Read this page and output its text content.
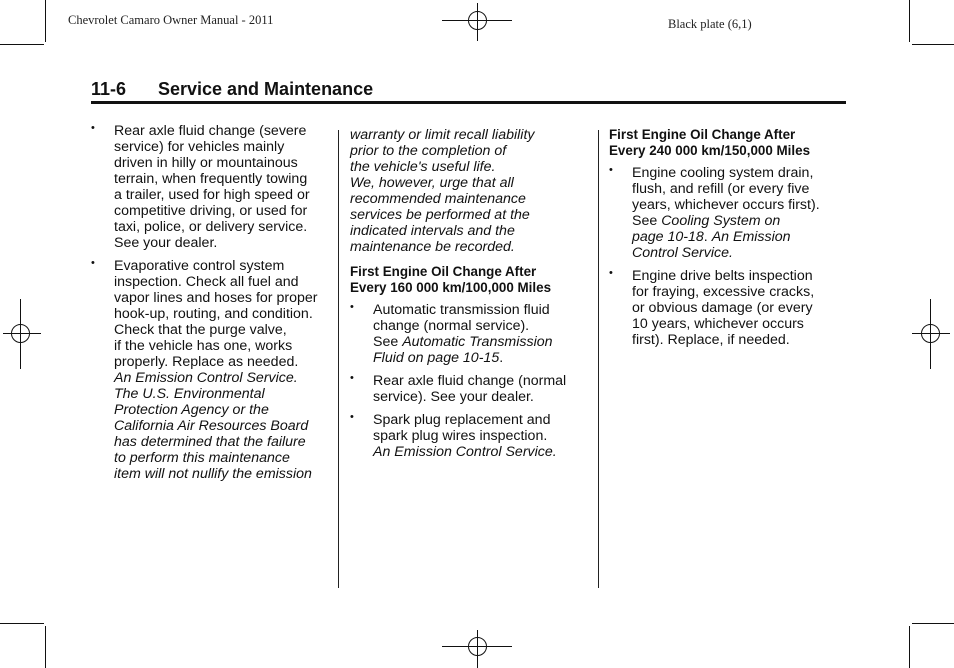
Chevrolet Camaro Owner Manual - 2011	Black plate (6,1)
11-6 Service and Maintenance
• Rear axle fluid change (severe
service) for vehicles mainly
driven in hilly or mountainous
terrain, when frequently towing
a trailer, used for high speed or
competitive driving, or used for
taxi, police, or delivery service.
See your dealer.
• Evaporative control system
inspection. Check all fuel and
vapor lines and hoses for proper
hook-up, routing, and condition.
Check that the purge valve,
if the vehicle has one, works
properly. Replace as needed.
An Emission Control Service.
The U.S. Environmental
Protection Agency or the
California Air Resources Board
has determined that the failure
to perform this maintenance
item will not nullify the emission
warranty or limit recall liability
prior to the completion of
the vehicle's useful life.
We, however, urge that all
recommended maintenance
services be performed at the
indicated intervals and the
maintenance be recorded.
First Engine Oil Change After
Every 160 000 km/100,000 Miles
• Automatic transmission fluid
change (normal service).
See Automatic Transmission
Fluid on page 10-15.
• Rear axle fluid change (normal
service). See your dealer.
• Spark plug replacement and
spark plug wires inspection.
An Emission Control Service.
First Engine Oil Change After
Every 240 000 km/150,000 Miles
• Engine cooling system drain,
flush, and refill (or every five
years, whichever occurs first).
See Cooling System on
page 10-18. An Emission
Control Service.
• Engine drive belts inspection
for fraying, excessive cracks,
or obvious damage (or every
10 years, whichever occurs
first). Replace, if needed.
